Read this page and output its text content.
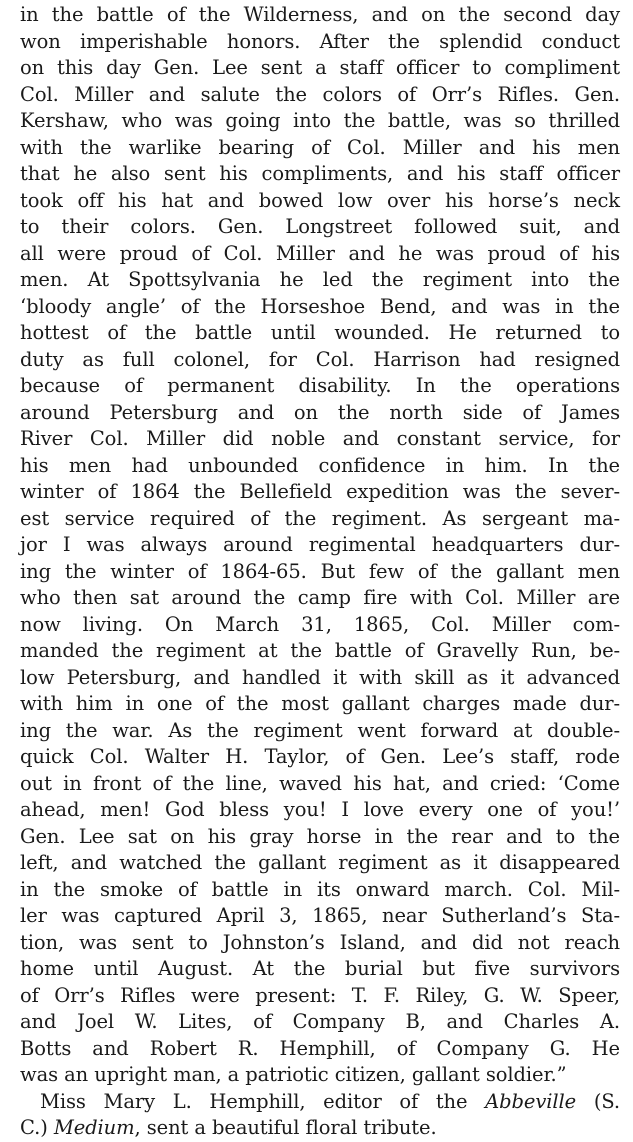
in the battle of the Wilderness, and on the second day
won imperishable honors. After the splendid conduct
on this day Gen. Lee sent a staff officer to compliment
Col. Miller and salute the colors of Orr’s Rifles. Gen.
Kershaw, who was going into the battle, was so thrilled
with the warlike bearing of Col. Miller and his men
that he also sent his compliments, and his staff officer
took off his hat and bowed low over his horse’s neck
to their colors. Gen. Longstreet followed suit, and
all were proud of Col. Miller and he was proud of his
men. At Spottsylvania he led the regiment into the
‘bloody angle’ of the Horseshoe Bend, and was in the
hottest of the battle until wounded. He returned to
duty as full colonel, for Col. Harrison had resigned
because of permanent disability. In the operations
around Petersburg and on the north side of James
River Col. Miller did noble and constant service, for
his men had unbounded confidence in him. In the
winter of 1864 the Bellefield expedition was the sever-
est service required of the regiment. As sergeant ma-
jor I was always around regimental headquarters dur-
ing the winter of 1864-65. But few of the gallant men
who then sat around the camp fire with Col. Miller are
now living. On March 31, 1865, Col. Miller com-
manded the regiment at the battle of Gravelly Run, be-
low Petersburg, and handled it with skill as it advanced
with him in one of the most gallant charges made dur-
ing the war. As the regiment went forward at double-
quick Col. Walter H. Taylor, of Gen. Lee’s staff, rode
out in front of the line, waved his hat, and cried: ‘Come
ahead, men! God bless you! I love every one of you!’
Gen. Lee sat on his gray horse in the rear and to the
left, and watched the gallant regiment as it disappeared
in the smoke of battle in its onward march. Col. Mil-
ler was captured April 3, 1865, near Sutherland’s Sta-
tion, was sent to Johnston’s Island, and did not reach
home until August. At the burial but five survivors
of Orr’s Rifles were present: T. F. Riley, G. W. Speer,
and Joel W. Lites, of Company B, and Charles A.
Botts and Robert R. Hemphill, of Company G. He
was an upright man, a patriotic citizen, gallant soldier.”
Miss Mary L. Hemphill, editor of the Abbeville (S.
C.) Medium, sent a beautiful floral tribute.
